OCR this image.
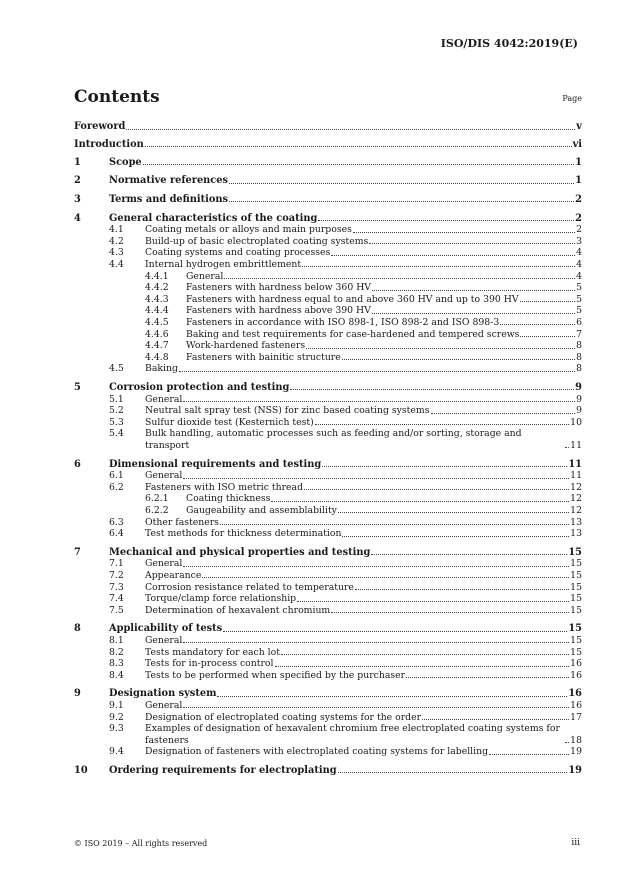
ISO/DIS 4042:2019(E)
Contents	Page
Foreword	v
Introduction	vi
1	Scope	1
2	Normative references	1
3	Terms and definitions	2
4	General characteristics of the coating	2
4.1 Coating metals or alloys and main purposes	2
4.2 Build-up of basic electroplated coating systems	3
4.3 Coating systems and coating processes	4
4.4 Internal hydrogen embrittlement	4
4.4.1 General	4
4.4.2 Fasteners with hardness below 360 HV	5
4.4.3 Fasteners with hardness equal to and above 360 HV and up to 390 HV	5
4.4.4 Fasteners with hardness above 390 HV	5
4.4.5 Fasteners in accordance with ISO 898-1, ISO 898-2 and ISO 898-3	6
4.4.6 Baking and test requirements for case-hardened and tempered screws	7
4.4.7 Work-hardened fasteners	8
4.4.8 Fasteners with bainitic structure	8
4.5 Baking	8
5	Corrosion protection and testing	9
5.1 General	9
5.2 Neutral salt spray test (NSS) for zinc based coating systems	9
5.3 Sulfur dioxide test (Kesternich test)	10
5.4 Bulk handling, automatic processes such as feeding and/or sorting, storage and transport	11
6	Dimensional requirements and testing	11
6.1 General	11
6.2 Fasteners with ISO metric thread	12
6.2.1 Coating thickness	12
6.2.2 Gaugeability and assemblability	12
6.3 Other fasteners	13
6.4 Test methods for thickness determination	13
7	Mechanical and physical properties and testing	15
7.1 General	15
7.2 Appearance	15
7.3 Corrosion resistance related to temperature	15
7.4 Torque/clamp force relationship	15
7.5 Determination of hexavalent chromium	15
8	Applicability of tests	15
8.1 General	15
8.2 Tests mandatory for each lot	15
8.3 Tests for in-process control	16
8.4 Tests to be performed when specified by the purchaser	16
9	Designation system	16
9.1 General	16
9.2 Designation of electroplated coating systems for the order	17
9.3 Examples of designation of hexavalent chromium free electroplated coating systems for fasteners	18
9.4 Designation of fasteners with electroplated coating systems for labelling	19
10 Ordering requirements for electroplating	19
© ISO 2019 – All rights reserved	iii
